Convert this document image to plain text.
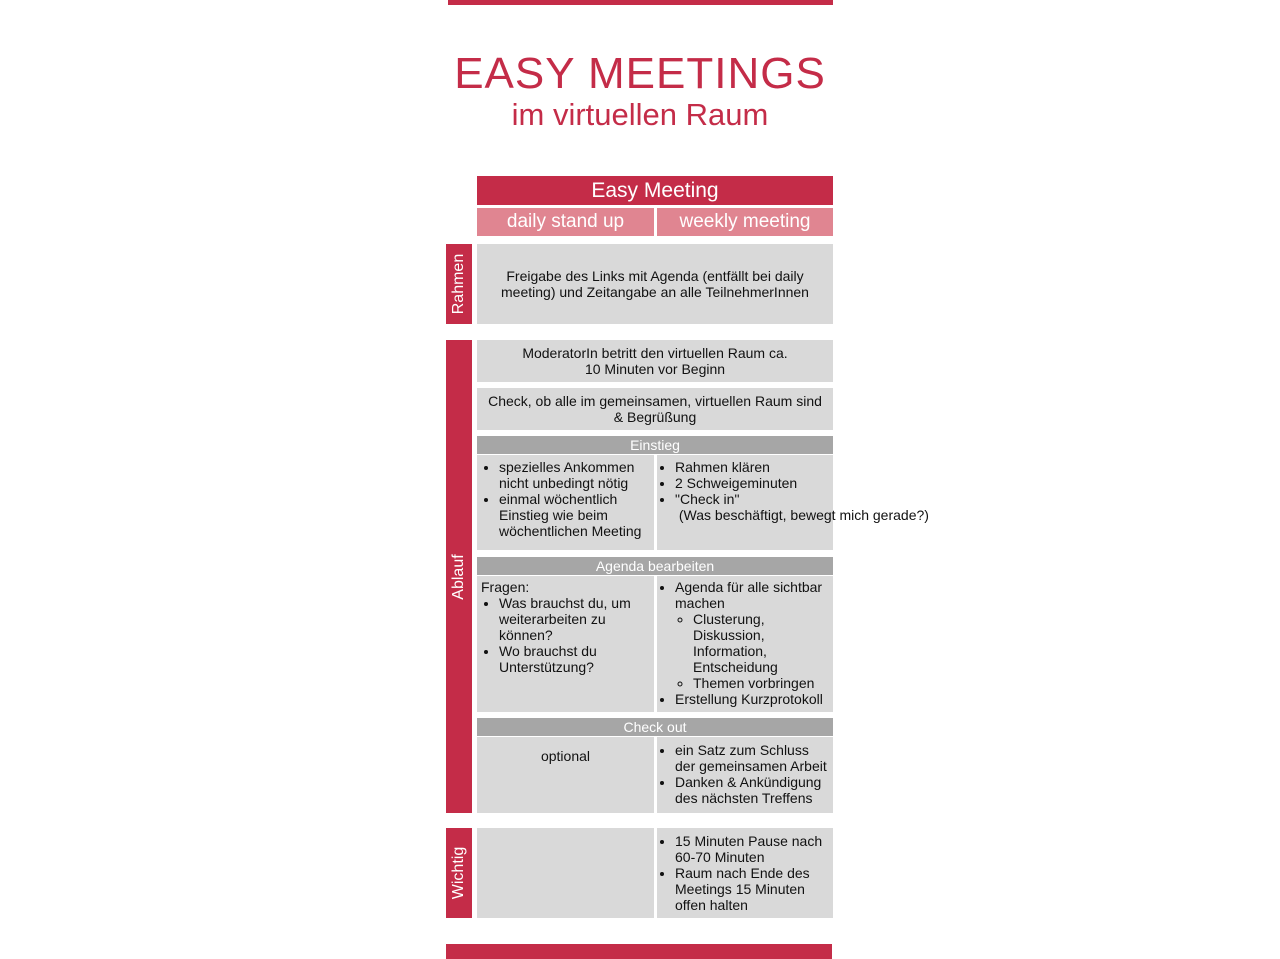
EASY MEETINGS
im virtuellen Raum
Easy Meeting
daily stand up	weekly meeting
Rahmen	Freigabe des Links mit Agenda (entfällt bei daily meeting) und Zeitangabe an alle TeilnehmerInnen
Ablauf
ModeratorIn betritt den virtuellen Raum ca. 10 Minuten vor Beginn
Check, ob alle im gemeinsamen, virtuellen Raum sind & Begrüßung
Einstieg
• spezielles Ankommen nicht unbedingt nötig
• einmal wöchentlich Einstieg wie beim wöchentlichen Meeting
• Rahmen klären
• 2 Schweigeminuten
• "Check in"
(Was beschäftigt, bewegt mich gerade?)
Agenda bearbeiten
Fragen:
• Was brauchst du, um weiterarbeiten zu können?
• Wo brauchst du Unterstützung?
• Agenda für alle sichtbar machen
◦ Clusterung, Diskussion, Information, Entscheidung
◦ Themen vorbringen
• Erstellung Kurzprotokoll
Check out
optional
•	ein Satz zum Schluss der gemeinsamen Arbeit
• Danken & Ankündigung des nächsten Treffens
Wichtig
• 15 Minuten Pause nach 60-70 Minuten
• Raum nach Ende des Meetings 15 Minuten offen halten
